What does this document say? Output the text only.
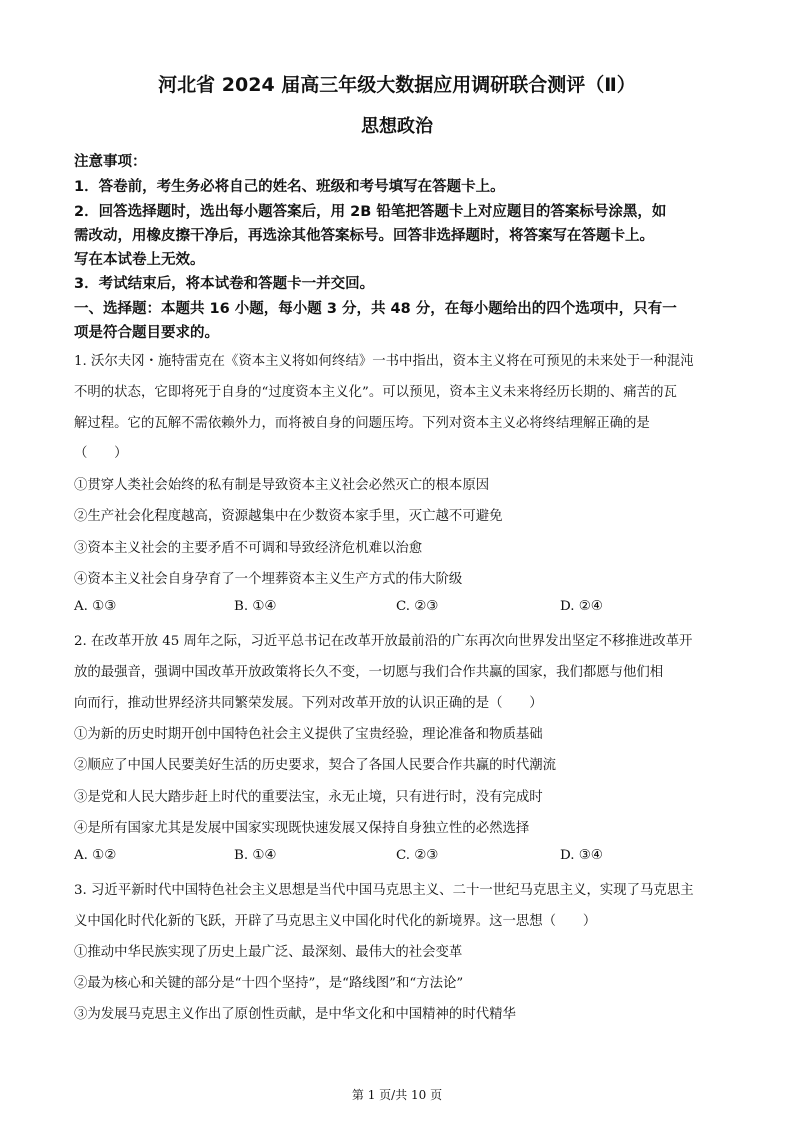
河北省 2024 届高三年级大数据应用调研联合测评（Ⅱ）
思想政治
注意事项：
1．答卷前，考生务必将自己的姓名、班级和考号填写在答题卡上。
2．回答选择题时，选出每小题答案后，用 2B 铅笔把答题卡上对应题目的答案标号涂黑，如
需改动，用橡皮擦干净后，再选涂其他答案标号。回答非选择题时，将答案写在答题卡上。
写在本试卷上无效。
3．考试结束后，将本试卷和答题卡一并交回。
一、选择题：本题共 16 小题，每小题 3 分，共 48 分，在每小题给出的四个选项中，只有一
项是符合题目要求的。
1. 沃尔夫冈・施特雷克在《资本主义将如何终结》一书中指出，资本主义将在可预见的未来处于一种混沌
不明的状态，它即将死于自身的“过度资本主义化”。可以预见，资本主义未来将经历长期的、痛苦的瓦
解过程。它的瓦解不需依赖外力，而将被自身的问题压垮。下列对资本主义必将终结理解正确的是
（　　）
①贯穿人类社会始终的私有制是导致资本主义社会必然灭亡的根本原因
②生产社会化程度越高，资源越集中在少数资本家手里，灭亡越不可避免
③资本主义社会的主要矛盾不可调和导致经济危机难以治愈
④资本主义社会自身孕育了一个埋葬资本主义生产方式的伟大阶级
A. ①③	B. ①④	C. ②③	D. ②④
2. 在改革开放 45 周年之际，习近平总书记在改革开放最前沿的广东再次向世界发出坚定不移推进改革开
放的最强音，强调中国改革开放政策将长久不变，一切愿与我们合作共赢的国家，我们都愿与他们相
向而行，推动世界经济共同繁荣发展。下列对改革开放的认识正确的是（　　）
①为新的历史时期开创中国特色社会主义提供了宝贵经验，理论准备和物质基础
②顺应了中国人民要美好生活的历史要求，契合了各国人民要合作共赢的时代潮流
③是党和人民大踏步赶上时代的重要法宝，永无止境，只有进行时，没有完成时
④是所有国家尤其是发展中国家实现既快速发展又保持自身独立性的必然选择
A. ①②	B. ①④	C. ②③	D. ③④
3. 习近平新时代中国特色社会主义思想是当代中国马克思主义、二十一世纪马克思主义，实现了马克思主
义中国化时代化新的飞跃，开辟了马克思主义中国化时代化的新境界。这一思想（　　）
①推动中华民族实现了历史上最广泛、最深刻、最伟大的社会变革
②最为核心和关键的部分是“十四个坚持”，是“路线图”和“方法论”
③为发展马克思主义作出了原创性贡献，是中华文化和中国精神的时代精华
第 1 页/共 10 页
